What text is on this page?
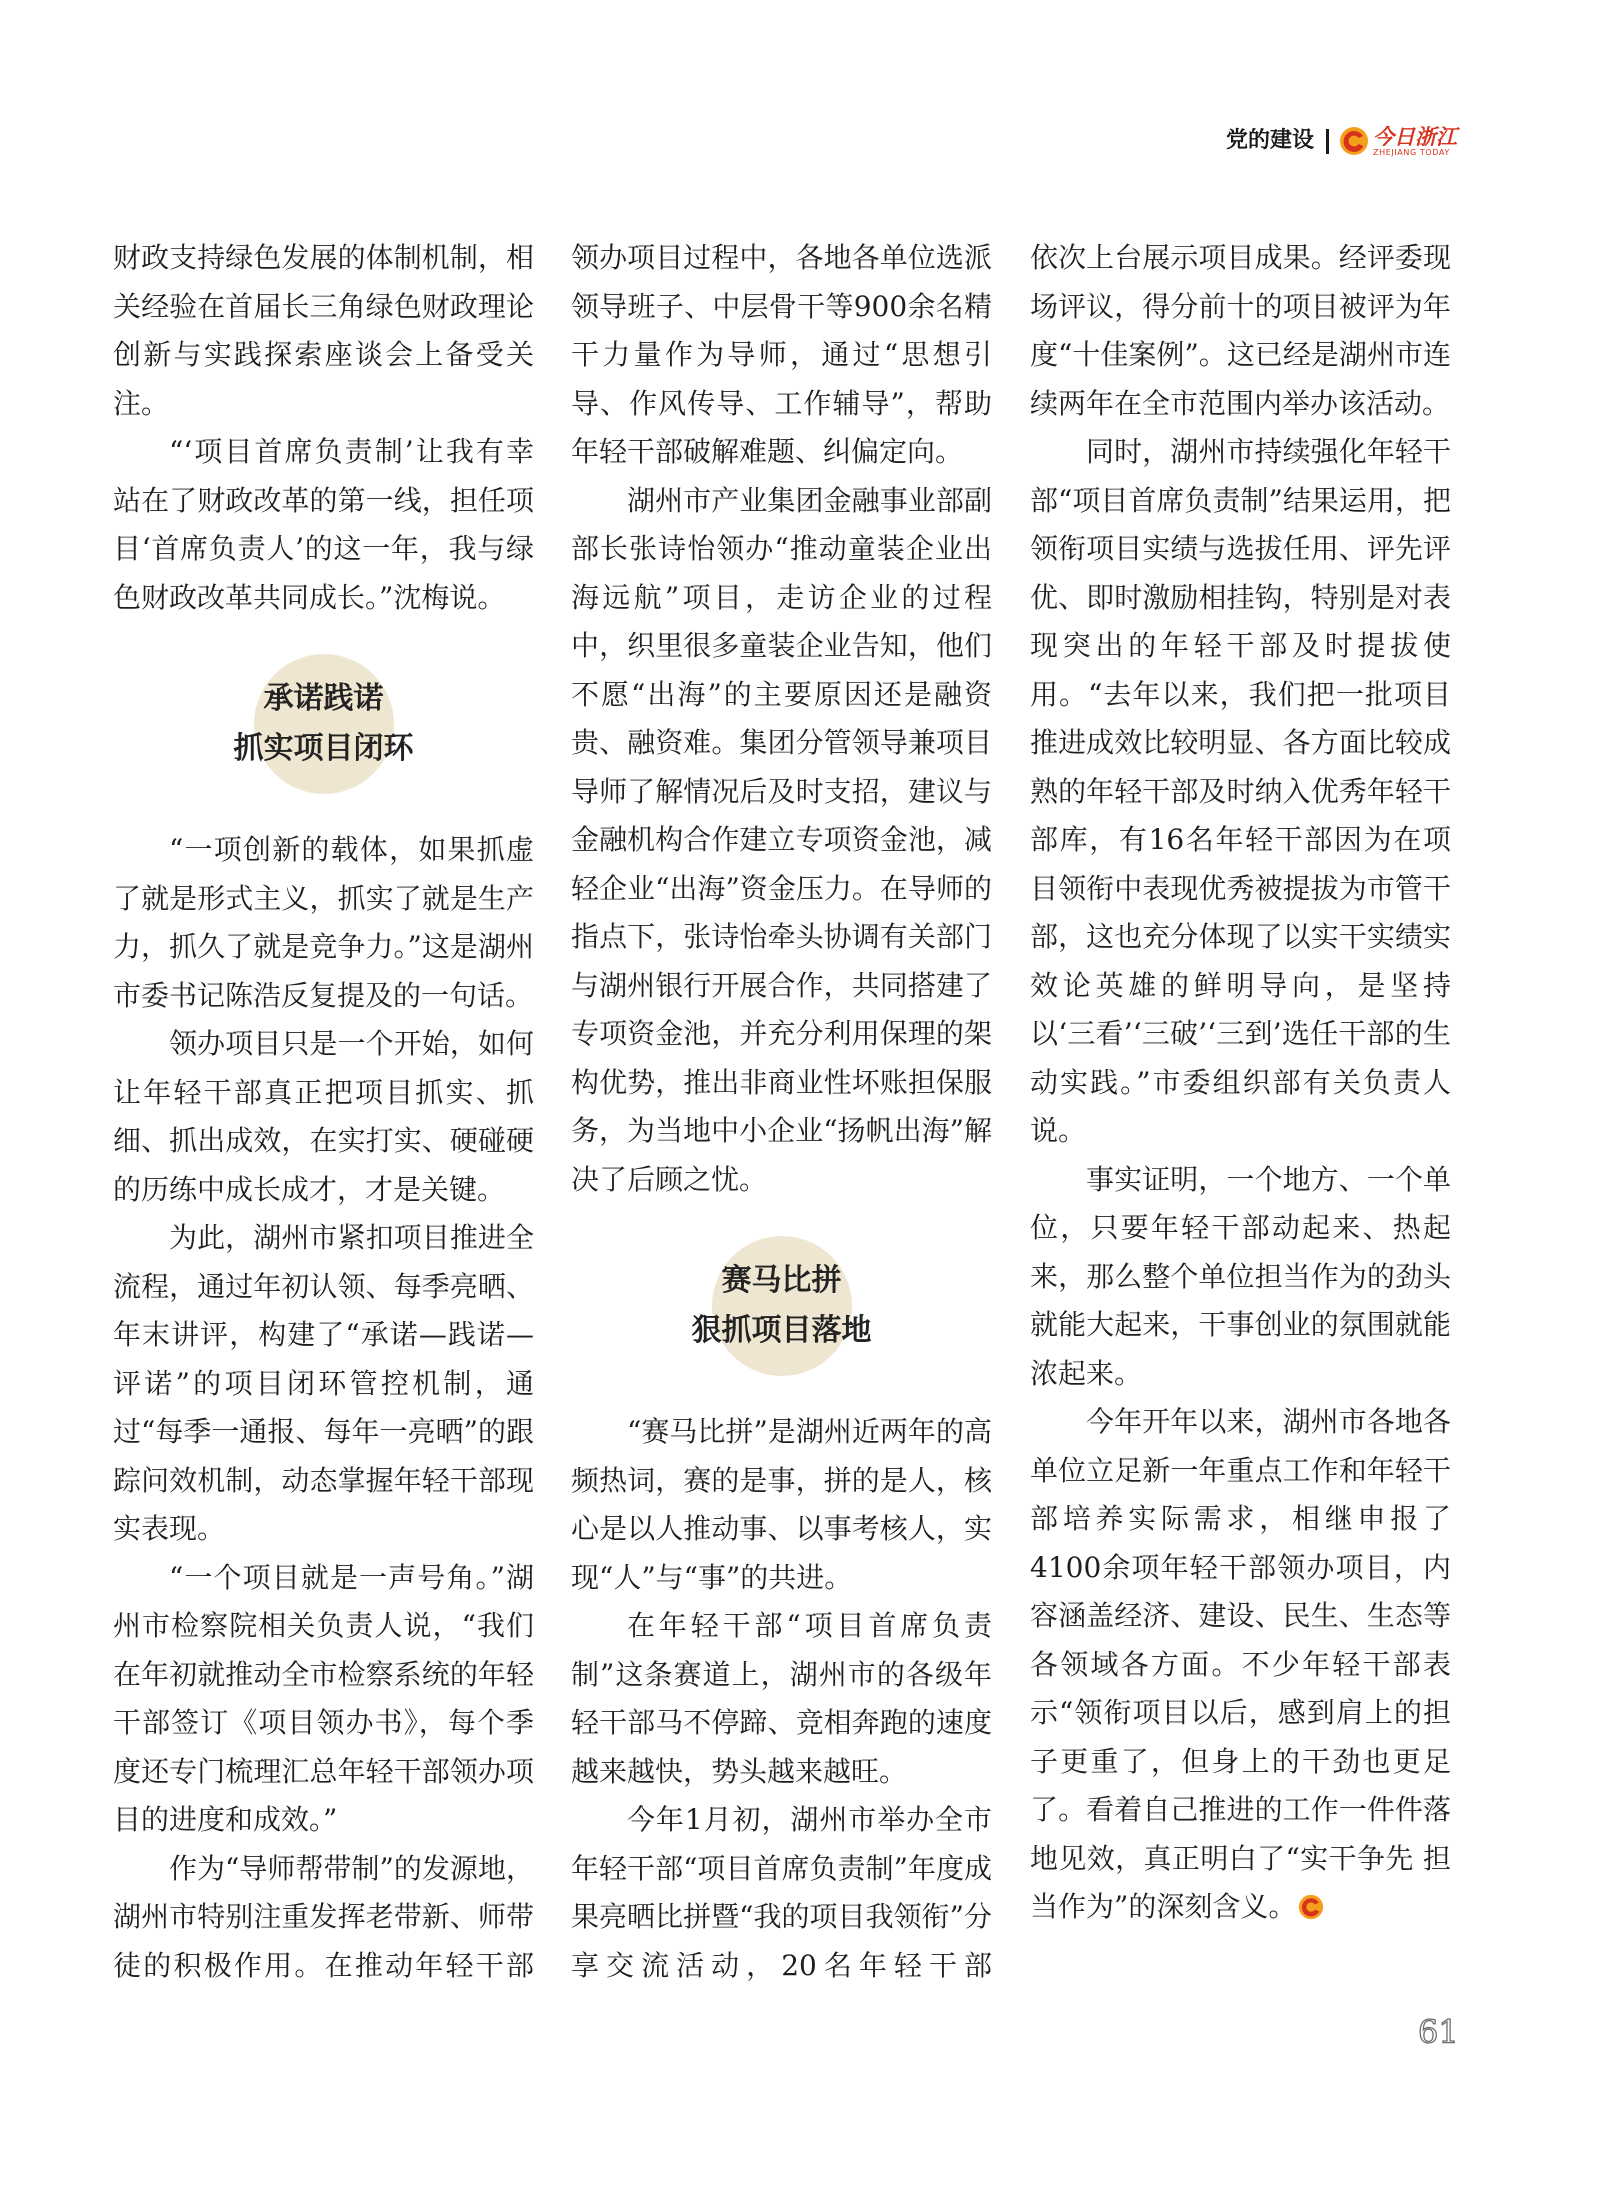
党的建设	今日浙江
ZHEJIANG TODAY

财政支持绿色发展的体制机制，相关经验在首届长三角绿色财政理论创新与实践探索座谈会上备受关注。

“‘项目首席负责制’让我有幸站在了财政改革的第一线，担任项目‘首席负责人’的这一年，我与绿色财政改革共同成长。”沈梅说。

承诺践诺
抓实项目闭环

“一项创新的载体，如果抓虚了就是形式主义，抓实了就是生产力，抓久了就是竞争力。”这是湖州市委书记陈浩反复提及的一句话。

领办项目只是一个开始，如何让年轻干部真正把项目抓实、抓细、抓出成效，在实打实、硬碰硬的历练中成长成才，才是关键。

为此，湖州市紧扣项目推进全流程，通过年初认领、每季亮晒、年末讲评，构建了“承诺—践诺—评诺”的项目闭环管控机制，通过“每季一通报、每年一亮晒”的跟踪问效机制，动态掌握年轻干部现实表现。

“一个项目就是一声号角。”湖州市检察院相关负责人说，“我们在年初就推动全市检察系统的年轻干部签订《项目领办书》，每个季度还专门梳理汇总年轻干部领办项目的进度和成效。”

作为“导师帮带制”的发源地，湖州市特别注重发挥老带新、师带徒的积极作用。在推动年轻干部

领办项目过程中，各地各单位选派领导班子、中层骨干等900余名精干力量作为导师，通过“思想引导、作风传导、工作辅导”，帮助年轻干部破解难题、纠偏定向。

湖州市产业集团金融事业部副部长张诗怡领办“推动童装企业出海远航”项目，走访企业的过程中，织里很多童装企业告知，他们不愿“出海”的主要原因还是融资贵、融资难。集团分管领导兼项目导师了解情况后及时支招，建议与金融机构合作建立专项资金池，减轻企业“出海”资金压力。在导师的指点下，张诗怡牵头协调有关部门与湖州银行开展合作，共同搭建了专项资金池，并充分利用保理的架构优势，推出非商业性坏账担保服务，为当地中小企业“扬帆出海”解决了后顾之忧。

赛马比拼
狠抓项目落地

“赛马比拼”是湖州近两年的高频热词，赛的是事，拼的是人，核心是以人推动事、以事考核人，实现“人”与“事”的共进。

在年轻干部“项目首席负责制”这条赛道上，湖州市的各级年轻干部马不停蹄、竞相奔跑的速度越来越快，势头越来越旺。

今年1月初，湖州市举办全市年轻干部“项目首席负责制”年度成果亮晒比拼暨“我的项目我领衔”分享交流活动，20名年轻干部

依次上台展示项目成果。经评委现场评议，得分前十的项目被评为年度“十佳案例”。这已经是湖州市连续两年在全市范围内举办该活动。

同时，湖州市持续强化年轻干部“项目首席负责制”结果运用，把领衔项目实绩与选拔任用、评先评优、即时激励相挂钩，特别是对表现突出的年轻干部及时提拔使用。“去年以来，我们把一批项目推进成效比较明显、各方面比较成熟的年轻干部及时纳入优秀年轻干部库，有16名年轻干部因为在项目领衔中表现优秀被提拔为市管干部，这也充分体现了以实干实绩实效论英雄的鲜明导向，是坚持以‘三看’‘三破’‘三到’选任干部的生动实践。”市委组织部有关负责人说。

事实证明，一个地方、一个单位，只要年轻干部动起来、热起来，那么整个单位担当作为的劲头就能大起来，干事创业的氛围就能浓起来。

今年开年以来，湖州市各地各单位立足新一年重点工作和年轻干部培养实际需求，相继申报了4100余项年轻干部领办项目，内容涵盖经济、建设、民生、生态等各领域各方面。不少年轻干部表示“领衔项目以后，感到肩上的担子更重了，但身上的干劲也更足了。看着自己推进的工作一件件落地见效，真正明白了“实干争先 担当作为”的深刻含义。

61
